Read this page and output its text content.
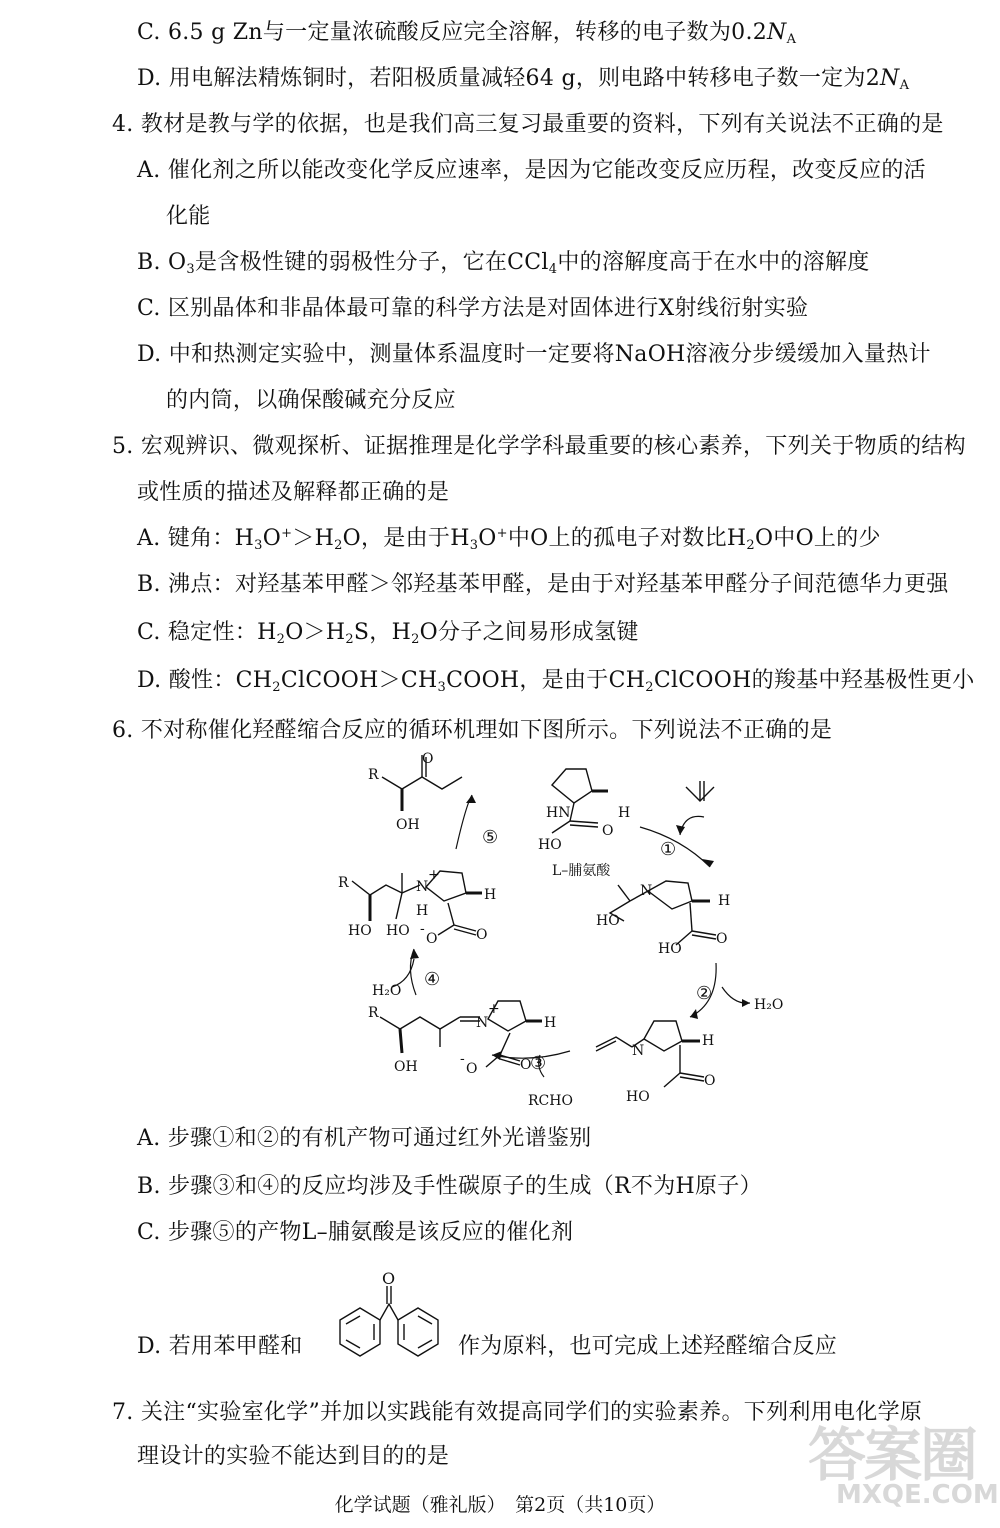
C. 6.5 g Zn与一定量浓硫酸反应完全溶解，转移的电子数为$0.2N_A$
D. 用电解法精炼铜时，若阳极质量减轻64 g，则电路中转移电子数一定为$2N_A$
4. 教材是教与学的依据，也是我们高三复习最重要的资料，下列有关说法不正确的是
A. 催化剂之所以能改变化学反应速率，是因为它能改变反应历程，改变反应的活
化能
B. $O_3$是含极性键的弱极性分子，它在CCl$_4$中的溶解度高于在水中的溶解度
C. 区别晶体和非晶体最可靠的科学方法是对固体进行X射线衍射实验
D. 中和热测定实验中，测量体系温度时一定要将NaOH溶液分步缓缓加入量热计
的内筒，以确保酸碱充分反应
5. 宏观辨识、微观探析、证据推理是化学学科最重要的核心素养，下列关于物质的结构
或性质的描述及解释都正确的是
A. 键角：$H_3O^+>H_2O$，是由于$H_3O^+$中O上的孤电子对数比$H_2O$中O上的少
B. 沸点：对羟基苯甲醛＞邻羟基苯甲醛，是由于对羟基苯甲醛分子间范德华力更强
C. 稳定性：$H_2O>H_2S$，$H_2O$分子之间易形成氢键
D. 酸性：$CH_2ClCOOH>CH_3COOH$，是由于$CH_2ClCOOH$的羧基中羟基极性更小
6. 不对称催化羟醛缩合反应的循环机理如下图所示。下列说法不正确的是
R
O
OH
⑤
HN	H
O
HO
L–脯氨酸
①
N
H
O
HO
HO
②
H₂O
N
H
O
HO
③
RCHO
R
OH
N
+
H
O
O
-
H₂O
④
R
HO HO
N
+
H
H
O
O
-
A. 步骤①和②的有机产物可通过红外光谱鉴别
B. 步骤③和④的反应均涉及手性碳原子的生成（R不为H原子）
C. 步骤⑤的产物L–脯氨酸是该反应的催化剂
O
D. 若用苯甲醛和	作为原料，也可完成上述羟醛缩合反应
7. 关注“实验室化学”并加以实践能有效提高同学们的实验素养。下列利用电化学原
理设计的实验不能达到目的的是
化学试题（雅礼版）　第2页（共10页）
答案圈
MXQE.COM
